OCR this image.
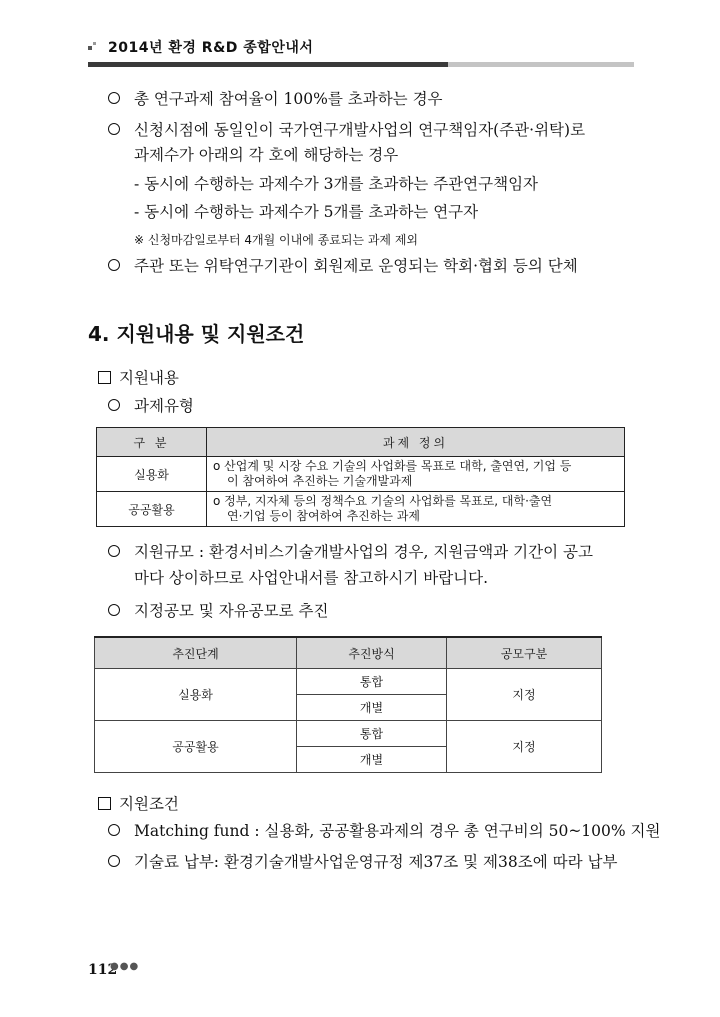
2014년 환경 R&D 종합안내서
총 연구과제 참여율이 100%를 초과하는 경우
신청시점에 동일인이 국가연구개발사업의 연구책임자(주관·위탁)로
과제수가 아래의 각 호에 해당하는 경우
- 동시에 수행하는 과제수가 3개를 초과하는 주관연구책임자
- 동시에 수행하는 과제수가 5개를 초과하는 연구자
※ 신청마감일로부터 4개월 이내에 종료되는 과제 제외
주관 또는 위탁연구기관이 회원제로 운영되는 학회·협회 등의 단체
4. 지원내용 및 지원조건
지원내용
과제유형
구 분	과제 정의
실용화	o 산업계 및 시장 수요 기술의 사업화를 목표로 대학, 출연연, 기업 등
이 참여하여 추진하는 기술개발과제

공공활용	o 정부, 지자체 등의 정책수요 기술의 사업화를 목표로, 대학·출연
연·기업 등이 참여하여 추진하는 과제
지원규모 : 환경서비스기술개발사업의 경우, 지원금액과 기간이 공고
마다 상이하므로 사업안내서를 참고하시기 바랍니다.
지정공모 및 자유공모로 추진
추진단계	추진방식	공모구분
실용화	통합	지정
	개별	
공공활용	통합	지정
	개별	
지원조건
Matching fund : 실용화, 공공활용과제의 경우 총 연구비의 50~100% 지원
기술료 납부: 환경기술개발사업운영규정 제37조 및 제38조에 따라 납부
112
●●●
